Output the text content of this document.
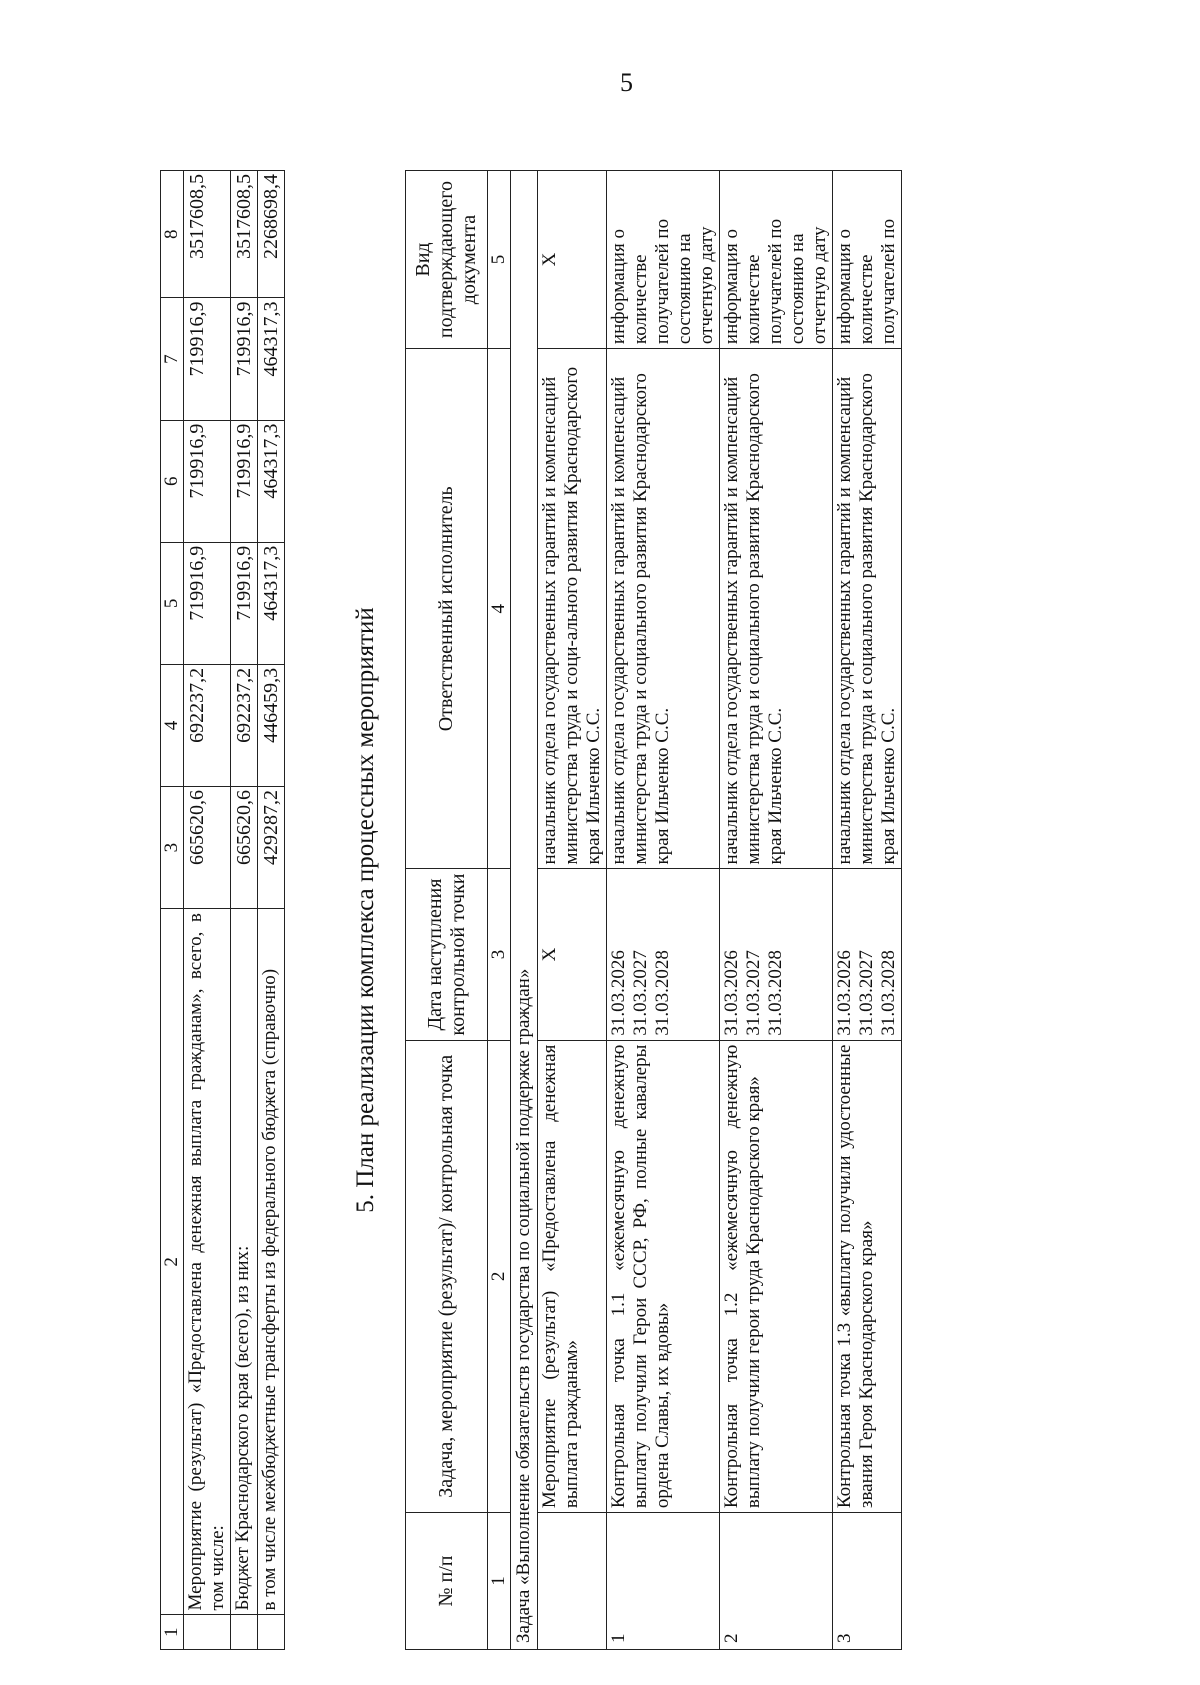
5
1	2	3	4	5	6	7	8
	Мероприятие (результат) «Предоставлена денежная выплата гражданам», всего, в том числе:	665620,6	692237,2	719916,9	719916,9	719916,9	3517608,5
	Бюджет Краснодарского края (всего), из них:	665620,6	692237,2	719916,9	719916,9	719916,9	3517608,5
	в том числе межбюджетные трансферты из федерального бюджета (справочно)	429287,2	446459,3	464317,3	464317,3	464317,3	2268698,4
5. План реализации комплекса процессных мероприятий
№ п/п	Задача, мероприятие (результат)/ контрольная точка	Дата наступления контрольной точки	Ответственный исполнитель	Вид подтверждающего документа
1	2	3	4	5
Задача «Выполнение обязательств государства по социальной поддержке граждан»				
	Мероприятие (результат) «Предоставлена денежная выплата гражданам»	X	начальник отдела государственных гарантий и компенсаций министерства труда и соци-ального развития Краснодарского края Ильченко С.С.	X
1	Контрольная точка 1.1 «ежемесячную денежную выплату получили Герои СССР, РФ, полные кавалеры ордена Славы, их вдовы»	31.03.2026 31.03.2027 31.03.2028	начальник отдела государственных гарантий и компенсаций министерства труда и социального развития Краснодарского края Ильченко С.С.	информация о количестве получателей по состоянию на отчетную дату
2	Контрольная точка 1.2 «ежемесячную денежную выплату получили герои труда Краснодарского края»	31.03.2026 31.03.2027 31.03.2028	начальник отдела государственных гарантий и компенсаций министерства труда и социального развития Краснодарского края Ильченко С.С.	информация о количестве получателей по состоянию на отчетную дату
3	Контрольная точка 1.3 «выплату получили удостоенные звания Героя Краснодарского края»	31.03.2026 31.03.2027 31.03.2028	начальник отдела государственных гарантий и компенсаций министерства труда и социального развития Краснодарского края Ильченко С.С.	информация о количестве получателей по
